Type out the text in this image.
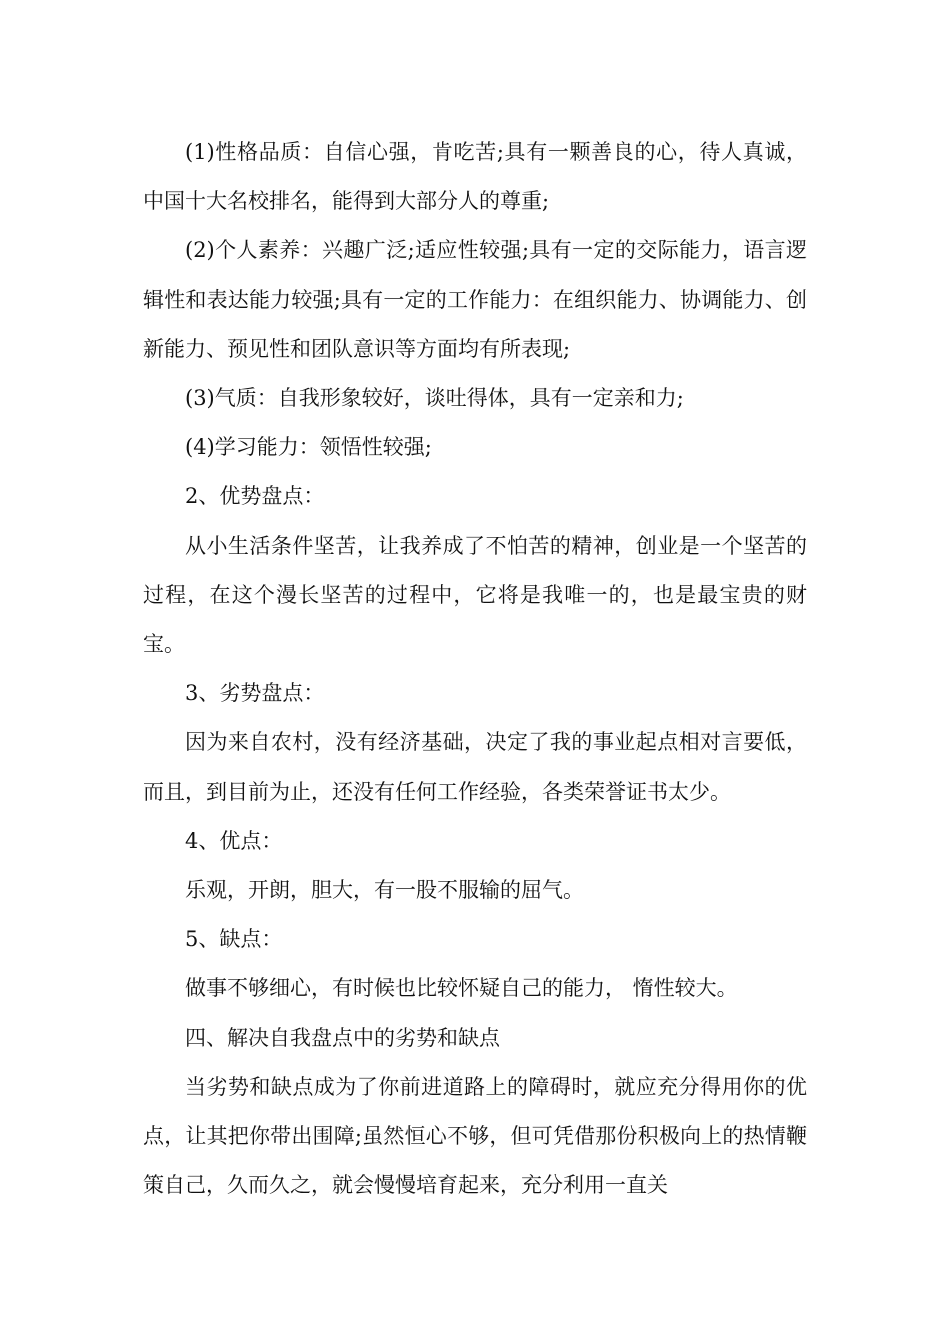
(1)性格品质：自信心强，肯吃苦;具有一颗善良的心，待人真诚， 中国十大名校排名，能得到大部分人的尊重;

(2)个人素养：兴趣广泛;适应性较强;具有一定的交际能力，语言逻辑性和表达能力较强;具有一定的工作能力：在组织能力、协调能力、创新能力、预见性和团队意识等方面均有所表现;

(3)气质：自我形象较好，谈吐得体，具有一定亲和力;

(4)学习能力：领悟性较强;

2、优势盘点：

从小生活条件坚苦，让我养成了不怕苦的精神，创业是一个坚苦的过程，在这个漫长坚苦的过程中，它将是我唯一的，也是最宝贵的财宝。

3、劣势盘点：

因为来自农村，没有经济基础，决定了我的事业起点相对言要低，而且，到目前为止，还没有任何工作经验，各类荣誉证书太少。

4、优点：

乐观，开朗，胆大，有一股不服输的屈气。

5、缺点：

做事不够细心，有时候也比较怀疑自己的能力， 惰性较大。

四、解决自我盘点中的劣势和缺点

当劣势和缺点成为了你前进道路上的障碍时，就应充分得用你的优点，让其把你带出围障;虽然恒心不够，但可凭借那份积极向上的热情鞭策自己，久而久之，就会慢慢培育起来，充分利用一直关
